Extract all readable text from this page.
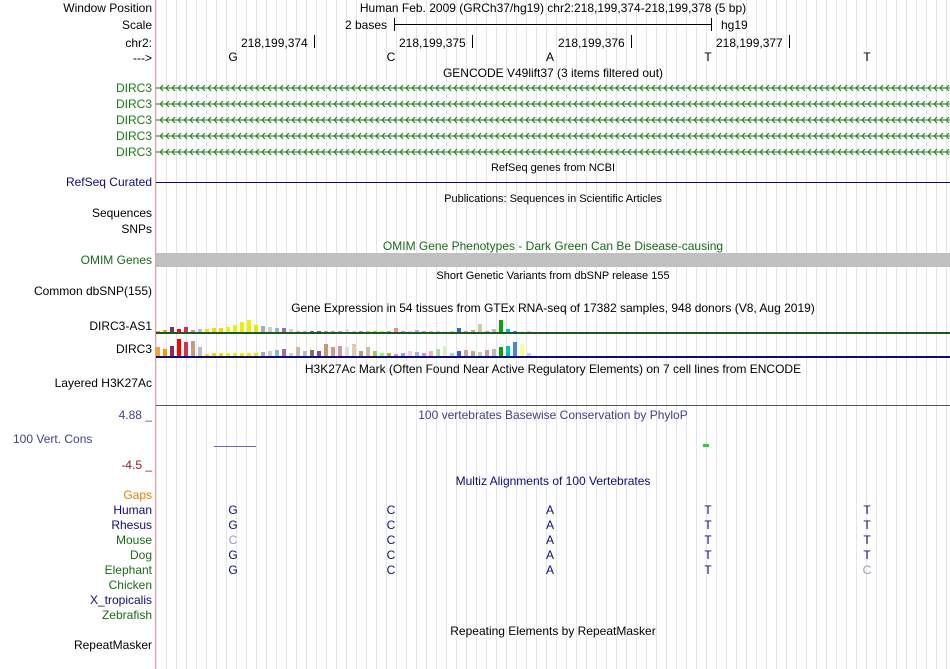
Window Position	Human Feb. 2009 (GRCh37/hg19) chr2:218,199,374-218,199,378 (5 bp)
Scale	2 bases	hg19
chr2:
--->
GENCODE V49lift37 (3 items filtered out)
RefSeq genes from NCBI
RefSeq Curated
Publications: Sequences in Scientific Articles
Sequences
SNPs
OMIM Gene Phenotypes - Dark Green Can Be Disease-causing
OMIM Genes
Short Genetic Variants from dbSNP release 155
Common dbSNP(155)
Gene Expression in 54 tissues from GTEx RNA-seq of 17382 samples, 948 donors (V8, Aug 2019)
DIRC3-AS1
DIRC3
H3K27Ac Mark (Often Found Near Active Regulatory Elements) on 7 cell lines from ENCODE
Layered H3K27Ac
100 vertebrates Basewise Conservation by PhyloP
4.88 _
100 Vert. Cons
-4.5 _
Multiz Alignments of 100 Vertebrates
Gaps
Repeating Elements by RepeatMasker
RepeatMasker
218,199,374	218,199,375	218,199,376	218,199,377
G	C	A	T	T
DIRC3
DIRC3
DIRC3
DIRC3
DIRC3
Human	G	C	A	T	T
Rhesus	G	C	A	T	T
Mouse	C	C	A	T	T
Dog	G	C	A	T	T
Elephant	G	C	A	T	C
Chicken
X_tropicalis
Zebrafish
